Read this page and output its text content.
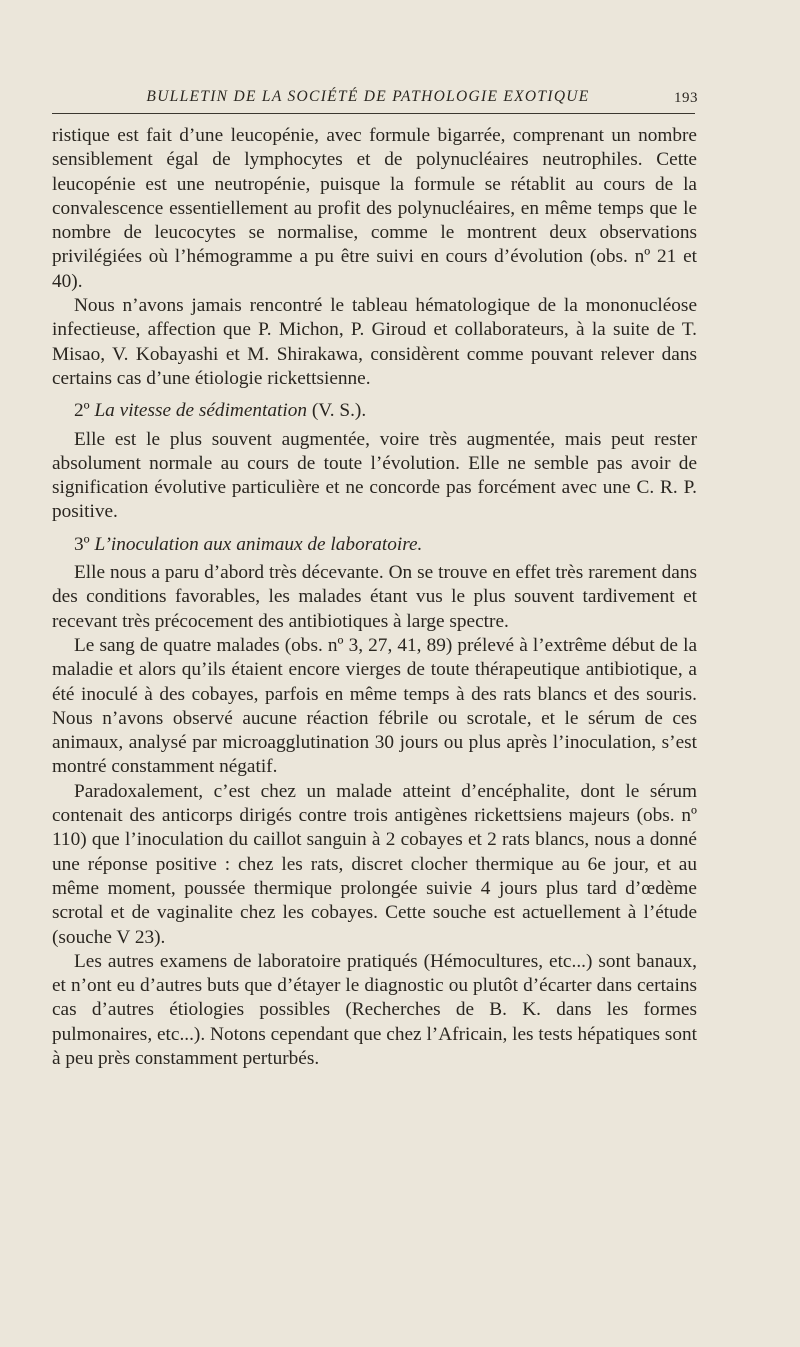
BULLETIN DE LA SOCIÉTÉ DE PATHOLOGIE EXOTIQUE	193

ristique est fait d’une leucopénie, avec formule bigarrée, comprenant un nombre sensiblement égal de lymphocytes et de polynucléaires neutrophiles. Cette leucopénie est une neutropénie, puisque la formule se rétablit au cours de la convalescence essentiellement au profit des polynucléaires, en même temps que le nombre de leucocytes se normalise, comme le montrent deux observations privilégiées où l’hémogramme a pu être suivi en cours d’évolution (obs. nº 21 et 40).

Nous n’avons jamais rencontré le tableau hématologique de la mononucléose infectieuse, affection que P. Michon, P. Giroud et collaborateurs, à la suite de T. Misao, V. Kobayashi et M. Shirakawa, considèrent comme pouvant relever dans certains cas d’une étiologie rickettsienne.

2º La vitesse de sédimentation (V. S.).

Elle est le plus souvent augmentée, voire très augmentée, mais peut rester absolument normale au cours de toute l’évolution. Elle ne semble pas avoir de signification évolutive particulière et ne concorde pas forcément avec une C. R. P. positive.

3º L’inoculation aux animaux de laboratoire.

Elle nous a paru d’abord très décevante. On se trouve en effet très rarement dans des conditions favorables, les malades étant vus le plus souvent tardivement et recevant très précocement des antibiotiques à large spectre.

Le sang de quatre malades (obs. nº 3, 27, 41, 89) prélevé à l’extrême début de la maladie et alors qu’ils étaient encore vierges de toute thérapeutique antibiotique, a été inoculé à des cobayes, parfois en même temps à des rats blancs et des souris. Nous n’avons observé aucune réaction fébrile ou scrotale, et le sérum de ces animaux, analysé par microagglutination 30 jours ou plus après l’inoculation, s’est montré constamment négatif.

Paradoxalement, c’est chez un malade atteint d’encéphalite, dont le sérum contenait des anticorps dirigés contre trois antigènes rickettsiens majeurs (obs. nº 110) que l’inoculation du caillot sanguin à 2 cobayes et 2 rats blancs, nous a donné une réponse positive : chez les rats, discret clocher thermique au 6e jour, et au même moment, poussée thermique prolongée suivie 4 jours plus tard d’œdème scrotal et de vaginalite chez les cobayes. Cette souche est actuellement à l’étude (souche V 23).

Les autres examens de laboratoire pratiqués (Hémocultures, etc...) sont banaux, et n’ont eu d’autres buts que d’étayer le diagnostic ou plutôt d’écarter dans certains cas d’autres étiologies possibles (Recherches de B. K. dans les formes pulmonaires, etc...). Notons cependant que chez l’Africain, les tests hépatiques sont à peu près constamment perturbés.
